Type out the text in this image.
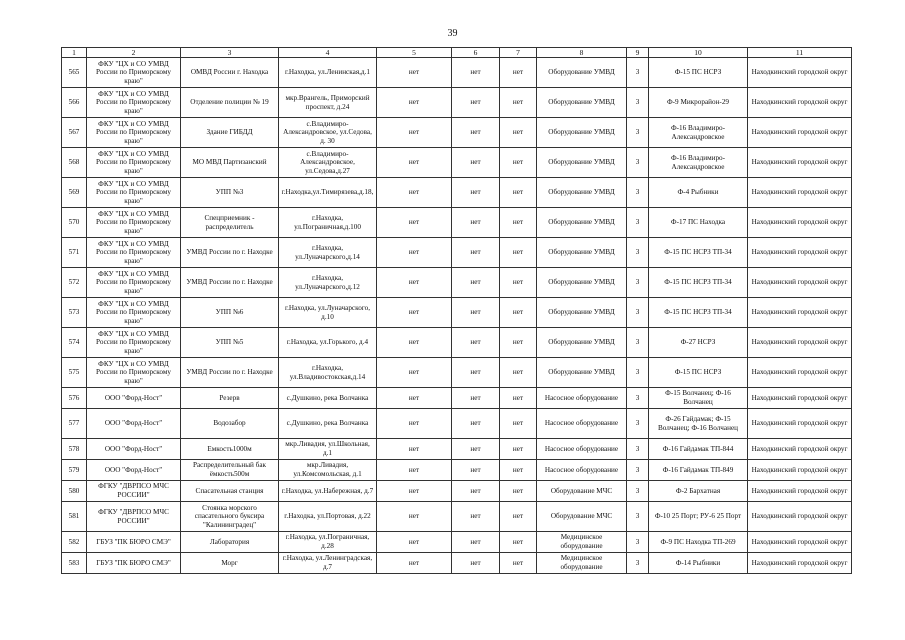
39
1	2	3	4	5	6	7	8	9	10	11
565	ФКУ "ЦХ и СО УМВД России по Приморскому краю"	ОМВД России г. Находка	г.Находка, ул.Ленинская,д.1	нет	нет	нет	Оборудование УМВД	3	Ф-15 ПС НСРЗ	Находкинский городской округ
566	ФКУ "ЦХ и СО УМВД России по Приморскому краю"	Отделение полиции № 19	мкр.Врангель, Приморский проспект, д.24	нет	нет	нет	Оборудование УМВД	3	Ф-9 Микрорайон-29	Находкинский городской округ
567	ФКУ "ЦХ и СО УМВД России по Приморскому краю"	Здание ГИБДД	с.Владимиро-Александровское, ул.Седова, д. 30	нет	нет	нет	Оборудование УМВД	3	Ф-16 Владимиро-Александровское	Находкинский городской округ
568	ФКУ "ЦХ и СО УМВД России по Приморскому краю"	МО МВД Партизанский	с.Владимиро-Александровское, ул.Седова,д.27	нет	нет	нет	Оборудование УМВД	3	Ф-16 Владимиро-Александровское	Находкинский городской округ
569	ФКУ "ЦХ и СО УМВД России по Приморскому краю"	УПП №3	г.Находка,ул.Тимирязева,д.18,	нет	нет	нет	Оборудование УМВД	3	Ф-4 Рыбники	Находкинский городской округ
570	ФКУ "ЦХ и СО УМВД России по Приморскому краю"	Спецприемник - распределитель	г.Находка, ул.Пограничная,д.100	нет	нет	нет	Оборудование УМВД	3	Ф-17 ПС Находка	Находкинский городской округ
571	ФКУ "ЦХ и СО УМВД России по Приморскому краю"	УМВД России по г. Находке	г.Находка, ул.Луначарского,д.14	нет	нет	нет	Оборудование УМВД	3	Ф-15 ПС НСРЗ ТП-34	Находкинский городской округ
572	ФКУ "ЦХ и СО УМВД России по Приморскому краю"	УМВД России по г. Находке	г.Находка, ул.Луначарского,д.12	нет	нет	нет	Оборудование УМВД	3	Ф-15 ПС НСРЗ ТП-34	Находкинский городской округ
573	ФКУ "ЦХ и СО УМВД России по Приморскому краю"	УПП №6	г.Находка, ул.Луначарского, д.10	нет	нет	нет	Оборудование УМВД	3	Ф-15 ПС НСРЗ ТП-34	Находкинский городской округ
574	ФКУ "ЦХ и СО УМВД России по Приморскому краю"	УПП №5	г.Находка, ул.Горького, д.4	нет	нет	нет	Оборудование УМВД	3	Ф-27 НСРЗ	Находкинский городской округ
575	ФКУ "ЦХ и СО УМВД России по Приморскому краю"	УМВД России по г. Находке	г.Находка, ул.Владивостокская,д.14	нет	нет	нет	Оборудование УМВД	3	Ф-15 ПС НСРЗ	Находкинский городской округ
576	ООО "Форд-Ност"	Резерв	с.Душкино, река Волчанка	нет	нет	нет	Насосное оборудование	3	Ф-15 Волчанец; Ф-16 Волчанец	Находкинский городской округ
577	ООО "Форд-Ност"	Водозабор	с.Душкино, река Волчанка	нет	нет	нет	Насосное оборудование	3	Ф-26 Гайдамак; Ф-15 Волчанец; Ф-16 Волчанец	Находкинский городской округ
578	ООО "Форд-Ност"	Емкость1000м	мкр.Ливадия, ул.Школьная, д.1	нет	нет	нет	Насосное оборудование	3	Ф-16 Гайдамак ТП-844	Находкинский городской округ
579	ООО "Форд-Ност"	Распределительный бак ёмкость500м	мкр.Ливадия, ул.Комсомольская, д.1	нет	нет	нет	Насосное оборудование	3	Ф-16 Гайдамак ТП-849	Находкинский городской округ
580	ФГКУ "ДВРПСО МЧС РОССИИ"	Спасательная станция	г.Находка, ул.Набережная, д.7	нет	нет	нет	Оборудование МЧС	3	Ф-2 Бархатная	Находкинский городской округ
581	ФГКУ "ДВРПСО МЧС РОССИИ"	Стоянка морского спасательного буксира "Калининградец"	г.Находка, ул.Портовая, д.22	нет	нет	нет	Оборудование МЧС	3	Ф-10 25 Порт; РУ-6 25 Порт	Находкинский городской округ
582	ГБУЗ "ПК БЮРО СМЭ"	Лаборатория	г.Находка, ул.Пограничная, д.28	нет	нет	нет	Медицинское оборудование	3	Ф-9 ПС Находка ТП-269	Находкинский городской округ
583	ГБУЗ "ПК БЮРО СМЭ"	Морг	г.Находка, ул.Ленинградская, д.7	нет	нет	нет	Медицинское оборудование	3	Ф-14 Рыбники	Находкинский городской округ
